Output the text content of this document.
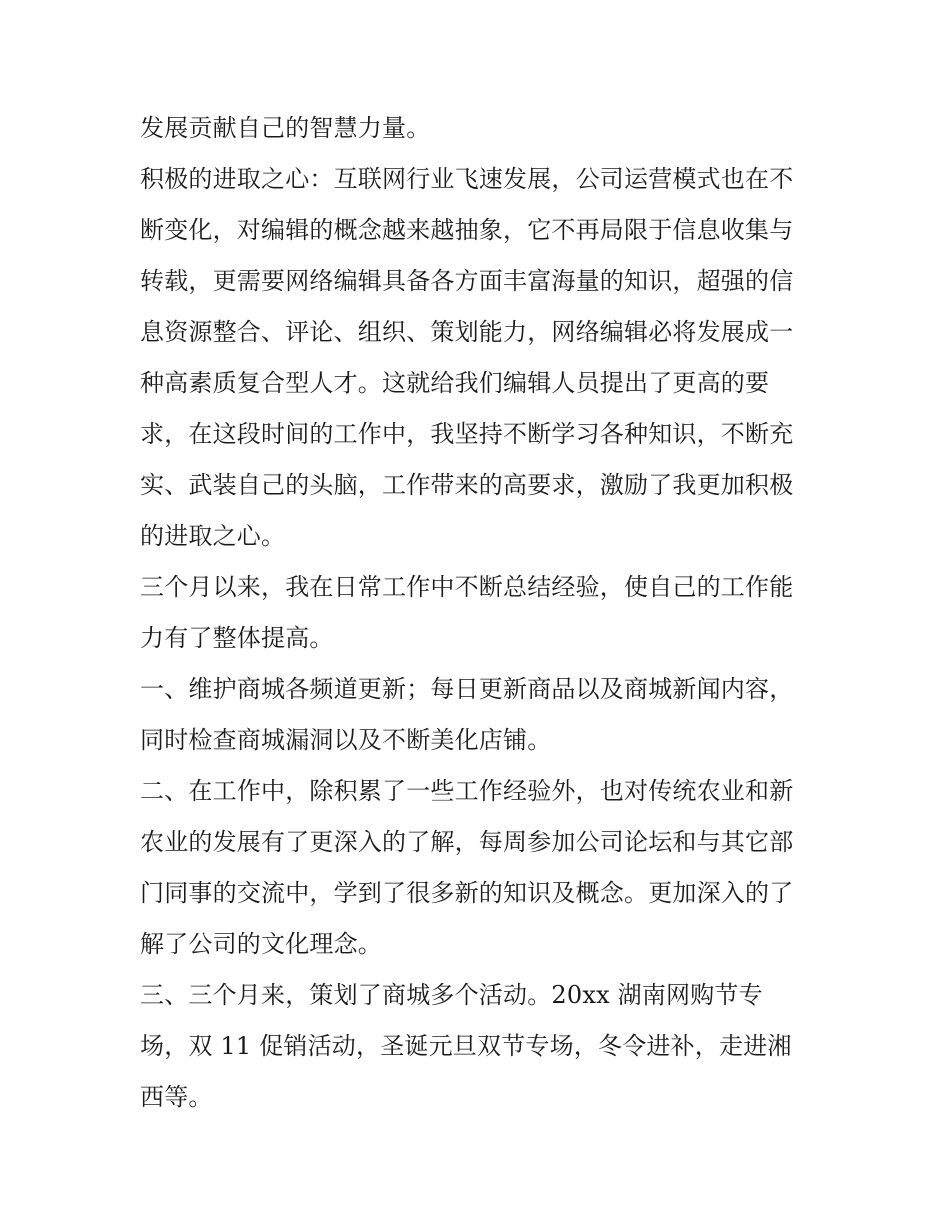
发展贡献自己的智慧力量。
积极的进取之心：互联网行业飞速发展，公司运营模式也在不
断变化，对编辑的概念越来越抽象，它不再局限于信息收集与
转载，更需要网络编辑具备各方面丰富海量的知识，超强的信
息资源整合、评论、组织、策划能力，网络编辑必将发展成一
种高素质复合型人才。这就给我们编辑人员提出了更高的要
求，在这段时间的工作中，我坚持不断学习各种知识，不断充
实、武装自己的头脑，工作带来的高要求，激励了我更加积极
的进取之心。
三个月以来，我在日常工作中不断总结经验，使自己的工作能
力有了整体提高。
一、维护商城各频道更新；每日更新商品以及商城新闻内容，
同时检查商城漏洞以及不断美化店铺。
二、在工作中，除积累了一些工作经验外，也对传统农业和新
农业的发展有了更深入的了解，每周参加公司论坛和与其它部
门同事的交流中，学到了很多新的知识及概念。更加深入的了
解了公司的文化理念。
三、三个月来，策划了商城多个活动。20xx 湖南网购节专
场，双 11 促销活动，圣诞元旦双节专场，冬令进补，走进湘
西等。
